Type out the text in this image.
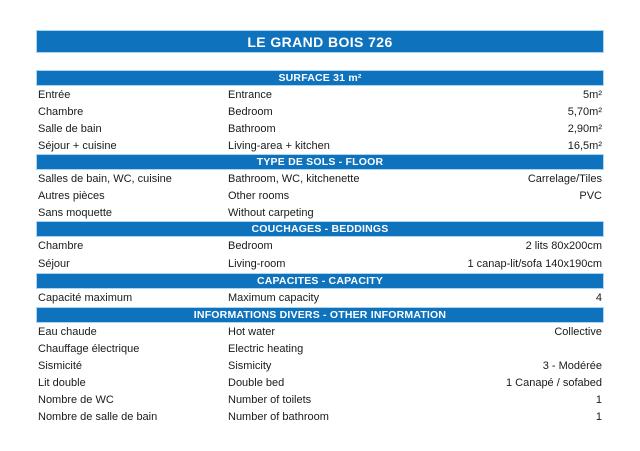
LE GRAND BOIS 726
SURFACE 31 m²
Entrée	Entrance	5m²
Chambre	Bedroom	5,70m²
Salle de bain	Bathroom	2,90m²
Séjour + cuisine	Living-area + kitchen	16,5m²
TYPE DE SOLS - FLOOR
Salles de bain, WC, cuisine	Bathroom, WC, kitchenette	Carrelage/Tiles
Autres pièces	Other rooms	PVC
Sans moquette	Without carpeting
COUCHAGES - BEDDINGS
Chambre	Bedroom	2 lits 80x200cm
Séjour	Living-room	1 canap-lit/sofa 140x190cm
CAPACITES - CAPACITY
Capacité maximum	Maximum capacity	4
INFORMATIONS DIVERS - OTHER INFORMATION
Eau chaude	Hot water	Collective
Chauffage électrique	Electric heating
Sismicité	Sismicity	3 - Modérée
Lit double	Double bed	1 Canapé / sofabed
Nombre de WC	Number of toilets	1
Nombre de salle de bain	Number of bathroom	1
